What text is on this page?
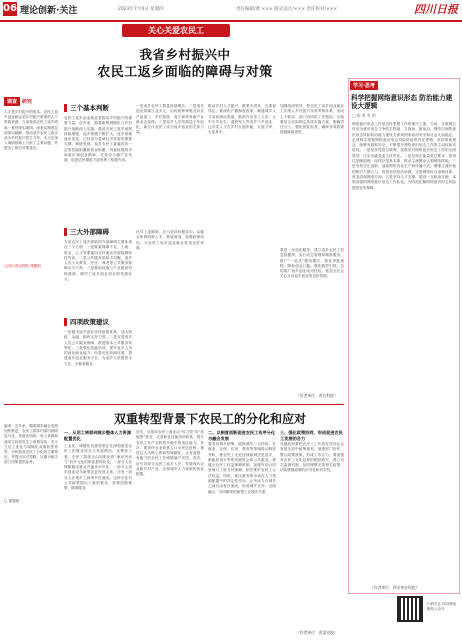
06 理论创新·关注	2023年7月4日 星期四	责任编辑/黄 ××× 版式设计/××× 责任校对/×××	四川日报
关心关爱农民工
我省乡村振兴中
农民工返乡面临的障碍与对策
调查 研究
人才是乡村振兴的根本，农民工返乡创业就业是乡村振兴重要的人力资源来源。当前我省农民工返乡面临一系列现实障碍，亟需从制度层面加以破解，推动返乡农民工真正成为乡村振兴的生力军。本文在深入调研基础上分析了主要问题，并提出了相应对策建议。
□四川省社科院 课题组
三个基本判断
三大外部障碍
四项政策建议
农民工返乡创业就业是推动乡村振兴的重要力量。近年来，随着新型城镇化与乡村振兴战略深入实施，我省农民工返乡意愿持续增强，返乡规模不断扩大，返乡领域逐步拓宽，已经成为县域经济发展的重要支撑。调研发现，返乡农民工普遍具有一定的技能积累和资金积累，具备较强的市场意识和创业精神，在带动当地产业发展、促进农民增收方面发挥了积极作用。
当前农民工返乡面临的外部障碍主要体现在三个方面：一是要素保障不足，土地、资金、人才等要素向农村流动仍面临制度性约束；二是公共服务供给不均衡，返乡人员子女教育、医疗、养老等公共服务保障水平不高；三是基础设施与产业配套仍较薄弱，制约了返乡创业项目的发展壮大。
一是健全返乡创业扶持政策体系，加大财政、金融、税收支持力度；二是完善返乡人员公共服务保障，推进基本公共服务均等化；三是强化技能培训，提升返乡人员的创业就业能力；四是优化营商环境，搭建返乡创业服务平台，为返乡人员提供全方位、全链条服务。
一是返乡农民工数量持续增长。二是返乡创业领域日益多元，由传统种养殖业向农产品加工、乡村旅游、电子商务等新产业新业态延伸。三是返乡人员结构趋于年轻化，新生代农民工成为返乡创业的主体力量。
针对上述障碍，应当坚持问题导向，从健全体制机制入手，系统谋划，加强政策协同，为农民工返乡创业就业营造良好环境。
推动乡村人才振兴，既要引进来，也要留得住。要深化户籍制度改革，畅通城乡人才双向流动渠道，鼓励外出务工人员、大中专毕业生、退役军人等返乡下乡创业，让各类人才在乡村大施所能、大展才华、大显身手。
加强组织领导，把农民工返乡创业就业工作纳入乡村振兴实绩考核体系，形成上下联动、部门协同的工作格局。各地要结合实际制定具体实施方案，明确责任分工，强化督促检查，确保各项政策措施落地见效。
要进一步优化服务，建立返乡农民工信息数据库，实行动态管理和精准服务。推广“一站式”服务模式，简化审批流程，降低创业门槛。强化典型引领，总结推广返乡创业成功经验，营造全社会关心支持返乡创业的良好氛围。
（作者单位：省社科院）
双重转型背景下农民工的分化和应对
编者：近年来，随着城乡融合发展加快推进，农民工群体内部出现明显分化，其就业结构、收入来源和流动方向均发生了深刻变化。本文立足工业化与城镇化双重转型背景，分析我省农民工分化的主要特征，并提出应对思路，以期为相关部门决策提供参考。
□ 课题组
一、从用工转移到城乡整体人力资源配置优化
工业化、城镇化双重转型正在深刻改变农民工的就业形态与发展路径。从整体上看，农民工群体正由同质化的“流动劳动力”向多元化的职业群体转变，一部分人在城镇稳定就业并逐步市民化，一部分人返乡创业成为新型农业经营主体，还有一部分人在城乡之间季节性流动。这种分化对公共政策提出了新的要求，需要因群施策、精准服务。
首先，应推动农民工就业由“体力型”向“技能型”转变，完善职业技能培训体系，提升农民工在产业转型升级中的适应能力。其次，要加快农业转移人口市民化进程，推进以人为核心的新型城镇化，让有意愿、有能力的农民工在城镇落户安居。再次，应引导部分农民工返乡入乡，发展现代农业和乡村产业，实现城乡人力资源的优化配置。
二、以制度创新促进农民工有序分化与融合发展
要坚持城乡统筹，破除城乡二元结构，在就业、社保、住房、教育等领域推动制度并轨，使农民工无论选择留城还是返乡，都能获得平等的发展机会和公共服务。要健全农民工权益保障机制，加强劳动合同管理与工资支付保障，依法维护农民工合法权益。同时，要注重发挥市场在人力资源配置中的决定性作用，让劳动力在城乡之间自由有序流动，形成城乡互补、全面融合、共同繁荣的新型工农城乡关系。
三、强化政策协同，形成促进农民工发展的合力
各级政府要把农民工工作放在经济社会发展全局中统筹谋划，加强部门协作，整合政策资源，形成工作合力。要加强对农民工分化趋势的跟踪研究，建立动态监测机制，及时调整完善相关政策，切实增强政策的针对性和有效性。
（作者单位：省委党校）
学习·思考
科学把握网络意识形态 防治能力建设大逻辑
□ 杨 勇 李 明
网络意识形态工作是宣传思想工作的重中之重。当前，互联网已经成为意识形态斗争的主阵地、主战场、最前沿，网络空间的意识形态风险防治能力建设关系到国家政治安全和社会大局稳定。必须科学把握网络意识形态风险防治的内在逻辑，坚持系统观念，统筹发展和安全，不断提升网络意识形态工作的主动权和话语权。一是坚持党管互联网，加强党对网络意识形态工作的全面领导，压实各级党委主体责任。二是坚持正能量是总要求、管得住是硬道理、用得好是真本事，推动主流舆论占领网络阵地。三是坚持守正创新，创新网络内容生产和传播方式，增强主流价值的吸引力感召力。四是坚持依法治网，完善网络综合治理体系，营造清朗网络空间。五是坚持人才支撑，建设一支政治过硬、本领高强的网络意识形态工作队伍，为防范化解网络意识形态风险提供坚实保障。
（作者单位：四川省社科院）
扫码关注 四川理论 微信公众号
